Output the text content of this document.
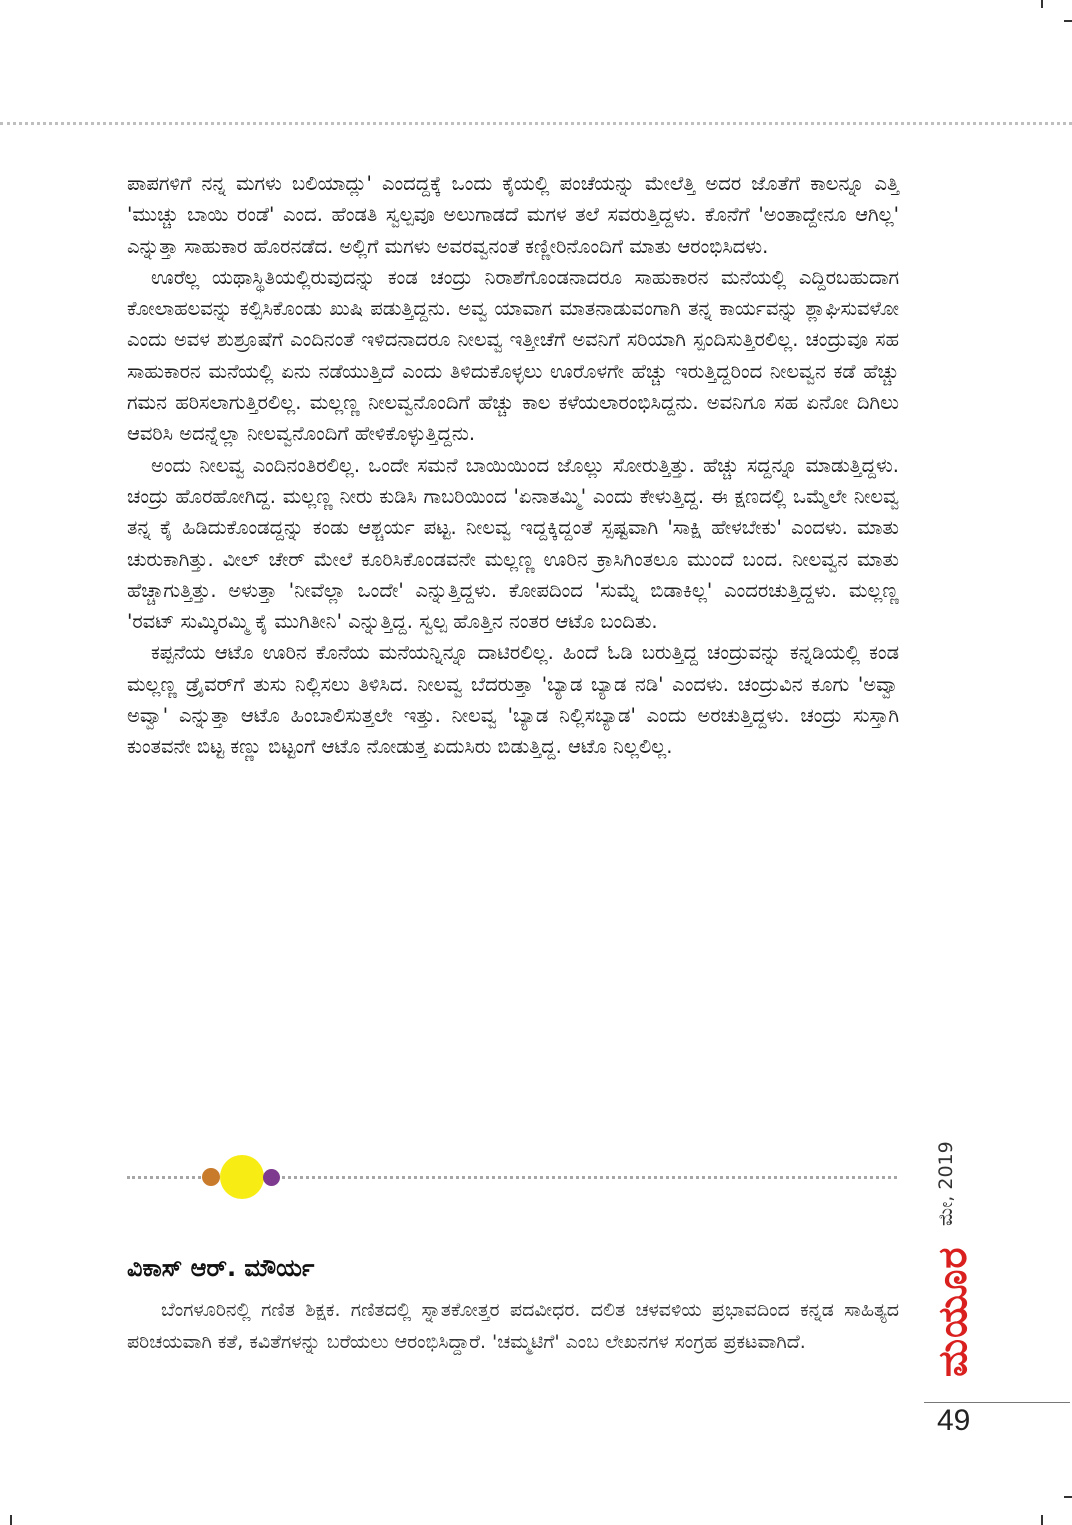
ಪಾಪಗಳಿಗೆ ನನ್ನ ಮಗಳು ಬಲಿಯಾದ್ಲು' ಎಂದದ್ದಕ್ಕೆ ಒಂದು ಕೈಯಲ್ಲಿ ಪಂಚೆಯನ್ನು ಮೇಲೆತ್ತಿ ಅದರ ಜೊತೆಗೆ ಕಾಲನ್ನೂ ಎತ್ತಿ 'ಮುಚ್ಚು ಬಾಯಿ ರಂಡೆ' ಎಂದ. ಹೆಂಡತಿ ಸ್ವಲ್ಪವೂ ಅಲುಗಾಡದೆ ಮಗಳ ತಲೆ ಸವರುತ್ತಿದ್ದಳು. ಕೊನೆಗೆ 'ಅಂತಾದ್ದೇನೂ ಆಗಿಲ್ಲ' ಎನ್ನುತ್ತಾ ಸಾಹುಕಾರ ಹೊರನಡೆದ. ಅಲ್ಲಿಗೆ ಮಗಳು ಅವರವ್ವನಂತೆ ಕಣ್ಣೀರಿನೊಂದಿಗೆ ಮಾತು ಆರಂಭಿಸಿದಳು.

ಊರೆಲ್ಲ ಯಥಾಸ್ಥಿತಿಯಲ್ಲಿರುವುದನ್ನು ಕಂಡ ಚಂದ್ರು ನಿರಾಶೆಗೊಂಡನಾದರೂ ಸಾಹುಕಾರನ ಮನೆಯಲ್ಲಿ ಎದ್ದಿರಬಹುದಾಗ ಕೋಲಾಹಲವನ್ನು ಕಲ್ಪಿಸಿಕೊಂಡು ಖುಷಿ ಪಡುತ್ತಿದ್ದನು. ಅವ್ವ ಯಾವಾಗ ಮಾತನಾಡುವಂಗಾಗಿ ತನ್ನ ಕಾರ್ಯವನ್ನು ಶ್ಲಾಘಿಸುವಳೋ ಎಂದು ಅವಳ ಶುಶ್ರೂಷೆಗೆ ಎಂದಿನಂತೆ ಇಳಿದನಾದರೂ ನೀಲವ್ವ ಇತ್ತೀಚೆಗೆ ಅವನಿಗೆ ಸರಿಯಾಗಿ ಸ್ಪಂದಿಸುತ್ತಿರಲಿಲ್ಲ. ಚಂದ್ರುವೂ ಸಹ ಸಾಹುಕಾರನ ಮನೆಯಲ್ಲಿ ಏನು ನಡೆಯುತ್ತಿದೆ ಎಂದು ತಿಳಿದುಕೊಳ್ಳಲು ಊರೊಳಗೇ ಹೆಚ್ಚು ಇರುತ್ತಿದ್ದರಿಂದ ನೀಲವ್ವನ ಕಡೆ ಹೆಚ್ಚು ಗಮನ ಹರಿಸಲಾಗುತ್ತಿರಲಿಲ್ಲ. ಮಲ್ಲಣ್ಣ ನೀಲವ್ವನೊಂದಿಗೆ ಹೆಚ್ಚು ಕಾಲ ಕಳೆಯಲಾರಂಭಿಸಿದ್ದನು. ಅವನಿಗೂ ಸಹ ಏನೋ ದಿಗಿಲು ಆವರಿಸಿ ಅದನ್ನೆಲ್ಲಾ ನೀಲವ್ವನೊಂದಿಗೆ ಹೇಳಿಕೊಳ್ಳುತ್ತಿದ್ದನು.

ಅಂದು ನೀಲವ್ವ ಎಂದಿನಂತಿರಲಿಲ್ಲ. ಒಂದೇ ಸಮನೆ ಬಾಯಿಯಿಂದ ಜೊಲ್ಲು ಸೋರುತ್ತಿತ್ತು. ಹೆಚ್ಚು ಸದ್ದನ್ನೂ ಮಾಡುತ್ತಿದ್ದಳು. ಚಂದ್ರು ಹೊರಹೋಗಿದ್ದ. ಮಲ್ಲಣ್ಣ ನೀರು ಕುಡಿಸಿ ಗಾಬರಿಯಿಂದ 'ಏನಾತಮ್ಮಿ' ಎಂದು ಕೇಳುತ್ತಿದ್ದ. ಈ ಕ್ಷಣದಲ್ಲಿ ಒಮ್ಮೆಲೇ ನೀಲವ್ವ ತನ್ನ ಕೈ ಹಿಡಿದುಕೊಂಡದ್ದನ್ನು ಕಂಡು ಆಶ್ಚರ್ಯ ಪಟ್ಟ. ನೀಲವ್ವ ಇದ್ದಕ್ಕಿದ್ದಂತೆ ಸ್ಪಷ್ಟವಾಗಿ 'ಸಾಕ್ಷಿ ಹೇಳಬೇಕು' ಎಂದಳು. ಮಾತು ಚುರುಕಾಗಿತ್ತು. ವೀಲ್ ಚೇರ್ ಮೇಲೆ ಕೂರಿಸಿಕೊಂಡವನೇ ಮಲ್ಲಣ್ಣ ಊರಿನ ಕ್ರಾಸಿಗಿಂತಲೂ ಮುಂದೆ ಬಂದ. ನೀಲವ್ವನ ಮಾತು ಹೆಚ್ಚಾಗುತ್ತಿತ್ತು. ಅಳುತ್ತಾ 'ನೀವೆಲ್ಲಾ ಒಂದೇ' ಎನ್ನುತ್ತಿದ್ದಳು. ಕೋಪದಿಂದ 'ಸುಮ್ನೆ ಬಿಡಾಕಿಲ್ಲ' ಎಂದರಚುತ್ತಿದ್ದಳು. ಮಲ್ಲಣ್ಣ 'ರವಟ್ ಸುಮ್ಕಿರಮ್ಮಿ ಕೈ ಮುಗಿತೀನಿ' ಎನ್ನುತ್ತಿದ್ದ. ಸ್ವಲ್ಪ ಹೊತ್ತಿನ ನಂತರ ಆಟೊ ಬಂದಿತು.

ಕಪ್ಪನೆಯ ಆಟೊ ಊರಿನ ಕೊನೆಯ ಮನೆಯನ್ನಿನ್ನೂ ದಾಟಿರಲಿಲ್ಲ. ಹಿಂದೆ ಓಡಿ ಬರುತ್ತಿದ್ದ ಚಂದ್ರುವನ್ನು ಕನ್ನಡಿಯಲ್ಲಿ ಕಂಡ ಮಲ್ಲಣ್ಣ ಡ್ರೈವರ್‌ಗೆ ತುಸು ನಿಲ್ಲಿಸಲು ತಿಳಿಸಿದ. ನೀಲವ್ವ ಬೆದರುತ್ತಾ 'ಬ್ಯಾಡ ಬ್ಯಾಡ ನಡಿ' ಎಂದಳು. ಚಂದ್ರುವಿನ ಕೂಗು 'ಅವ್ವಾ ಅವ್ವಾ' ಎನ್ನುತ್ತಾ ಆಟೊ ಹಿಂಬಾಲಿಸುತ್ತಲೇ ಇತ್ತು. ನೀಲವ್ವ 'ಬ್ಯಾಡ ನಿಲ್ಲಿಸಬ್ಯಾಡ' ಎಂದು ಅರಚುತ್ತಿದ್ದಳು. ಚಂದ್ರು ಸುಸ್ತಾಗಿ ಕುಂತವನೇ ಬಿಟ್ಟ ಕಣ್ಣು ಬಿಟ್ಟಂಗೆ ಆಟೊ ನೋಡುತ್ತ ಏದುಸಿರು ಬಿಡುತ್ತಿದ್ದ. ಆಟೊ ನಿಲ್ಲಲಿಲ್ಲ.

ವಿಕಾಸ್ ಆರ್. ಮೌರ್ಯ

ಬೆಂಗಳೂರಿನಲ್ಲಿ ಗಣಿತ ಶಿಕ್ಷಕ. ಗಣಿತದಲ್ಲಿ ಸ್ನಾತಕೋತ್ತರ ಪದವೀಧರ. ದಲಿತ ಚಳವಳಿಯ ಪ್ರಭಾವದಿಂದ ಕನ್ನಡ ಸಾಹಿತ್ಯದ ಪರಿಚಯವಾಗಿ ಕತೆ, ಕವಿತೆಗಳನ್ನು ಬರೆಯಲು ಆರಂಭಿಸಿದ್ದಾರೆ. 'ಚಮ್ಮಟಿಗೆ' ಎಂಬ ಲೇಖನಗಳ ಸಂಗ್ರಹ ಪ್ರಕಟವಾಗಿದೆ.

ಮೇ, 2019
ಮಯೂರ
49
